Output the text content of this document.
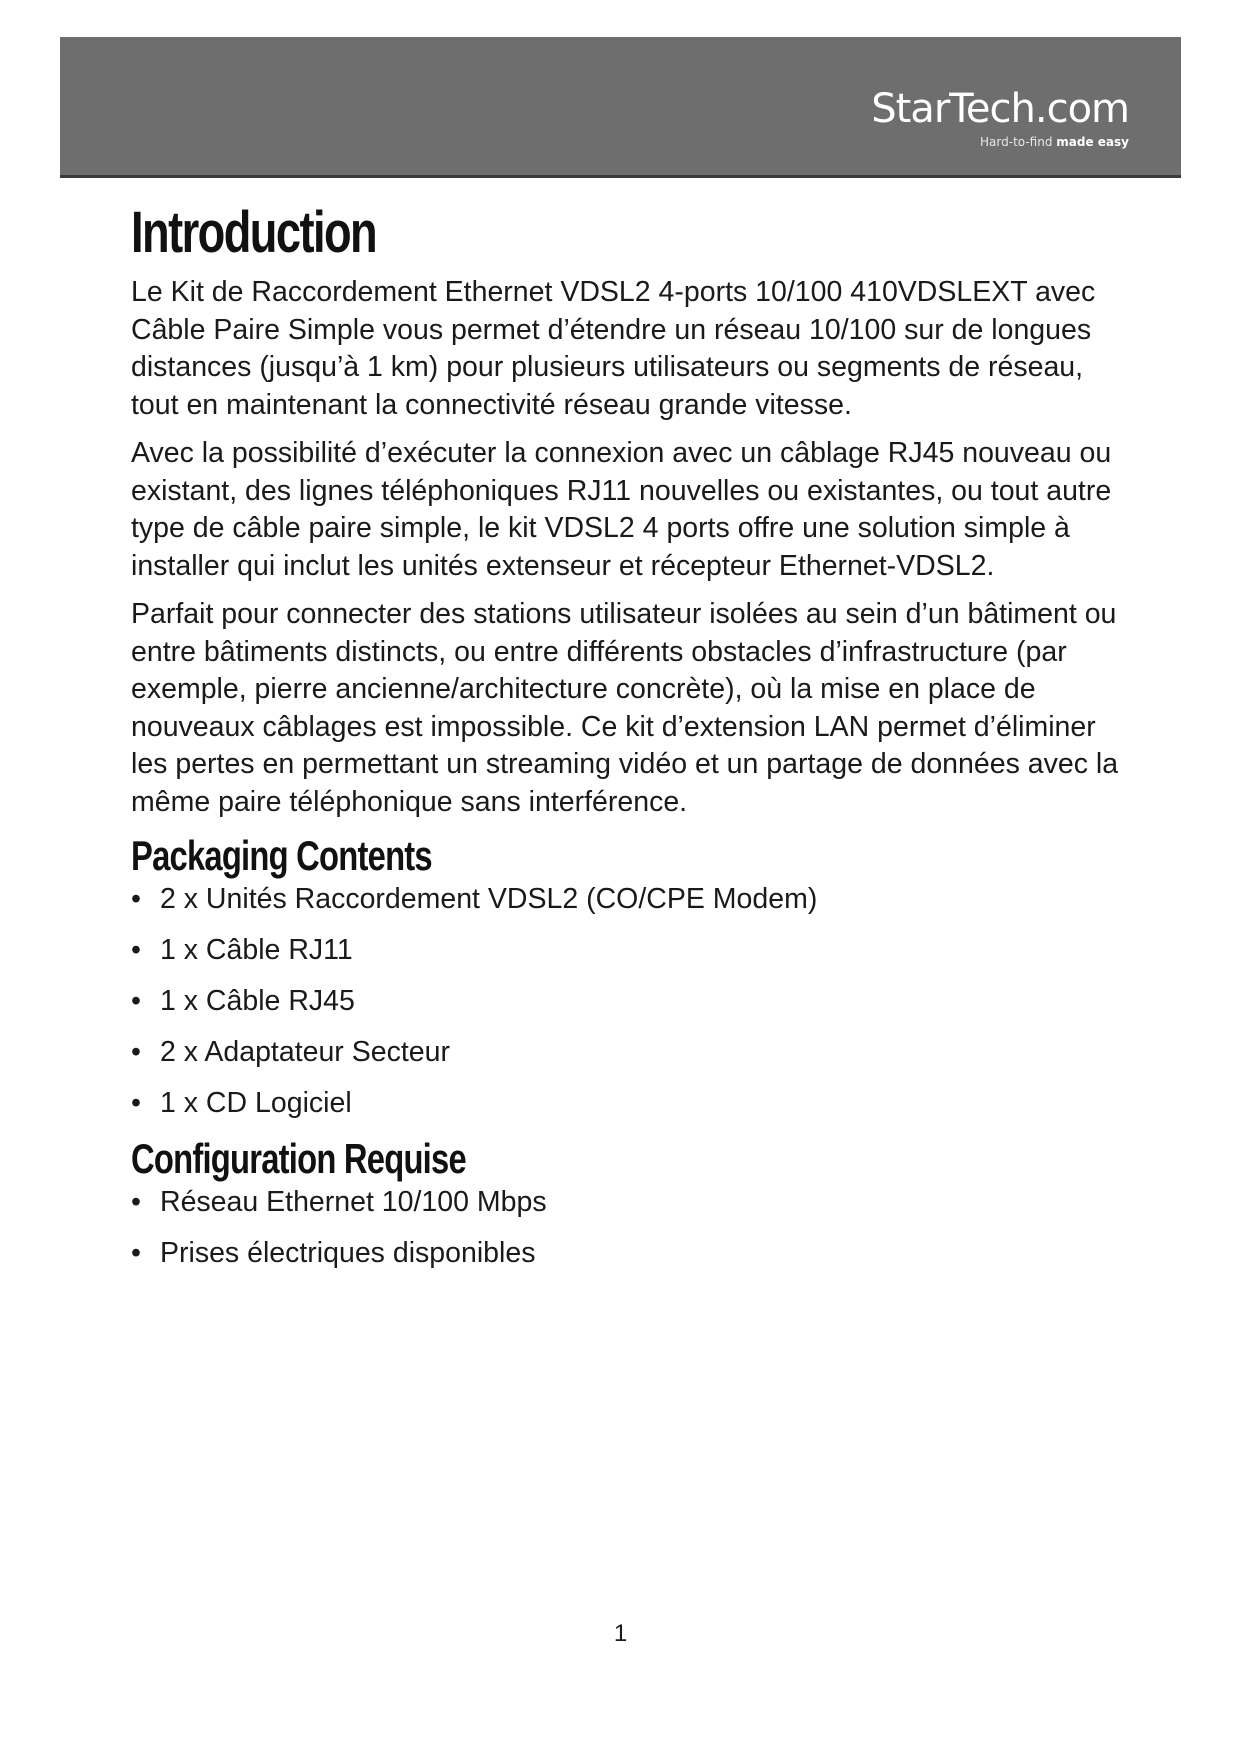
StarTech.com
Hard-to-find made easy
Introduction

Le Kit de Raccordement Ethernet VDSL2 4-ports 10/100 410VDSLEXT avec Câble Paire Simple vous permet d’étendre un réseau 10/100 sur de longues distances (jusqu’à 1 km) pour plusieurs utilisateurs ou segments de réseau, tout en maintenant la connectivité réseau grande vitesse.

Avec la possibilité d’exécuter la connexion avec un câblage RJ45 nouveau ou existant, des lignes téléphoniques RJ11 nouvelles ou existantes, ou tout autre type de câble paire simple, le kit VDSL2 4 ports offre une solution simple à installer qui inclut les unités extenseur et récepteur Ethernet-VDSL2.

Parfait pour connecter des stations utilisateur isolées au sein d’un bâtiment ou entre bâtiments distincts, ou entre différents obstacles d’infrastructure (par exemple, pierre ancienne/architecture concrète), où la mise en place de nouveaux câblages est impossible. Ce kit d’extension LAN permet d’éliminer les pertes en permettant un streaming vidéo et un partage de données avec la même paire téléphonique sans interférence.

Packaging Contents
• 2 x Unités Raccordement VDSL2 (CO/CPE Modem)
• 1 x Câble RJ11
• 1 x Câble RJ45
• 2 x Adaptateur Secteur
• 1 x CD Logiciel
Configuration Requise
• Réseau Ethernet 10/100 Mbps
• Prises électriques disponibles
1
